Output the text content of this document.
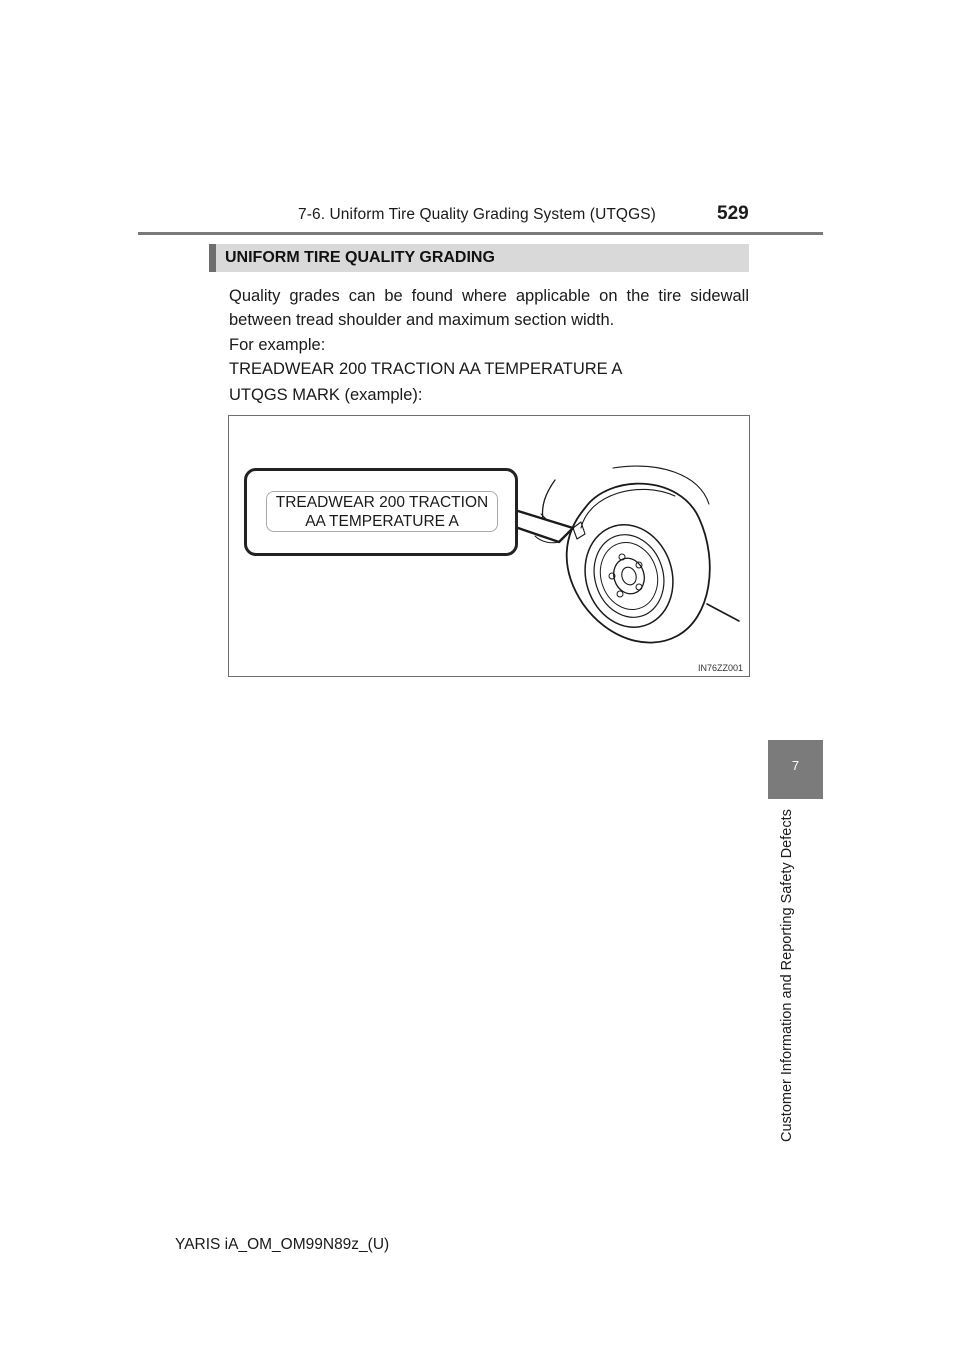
7-6. Uniform Tire Quality Grading System (UTQGS)	529
UNIFORM TIRE QUALITY GRADING

Quality grades can be found where applicable on the tire sidewall between tread shoulder and maximum section width.

For example:

TREADWEAR 200 TRACTION AA TEMPERATURE A

UTQGS MARK (example):

TREADWEAR 200 TRACTION
AA TEMPERATURE A
IN76ZZ001
7
Customer Information and Reporting Safety Defects
YARIS iA_OM_OM99N89z_(U)
